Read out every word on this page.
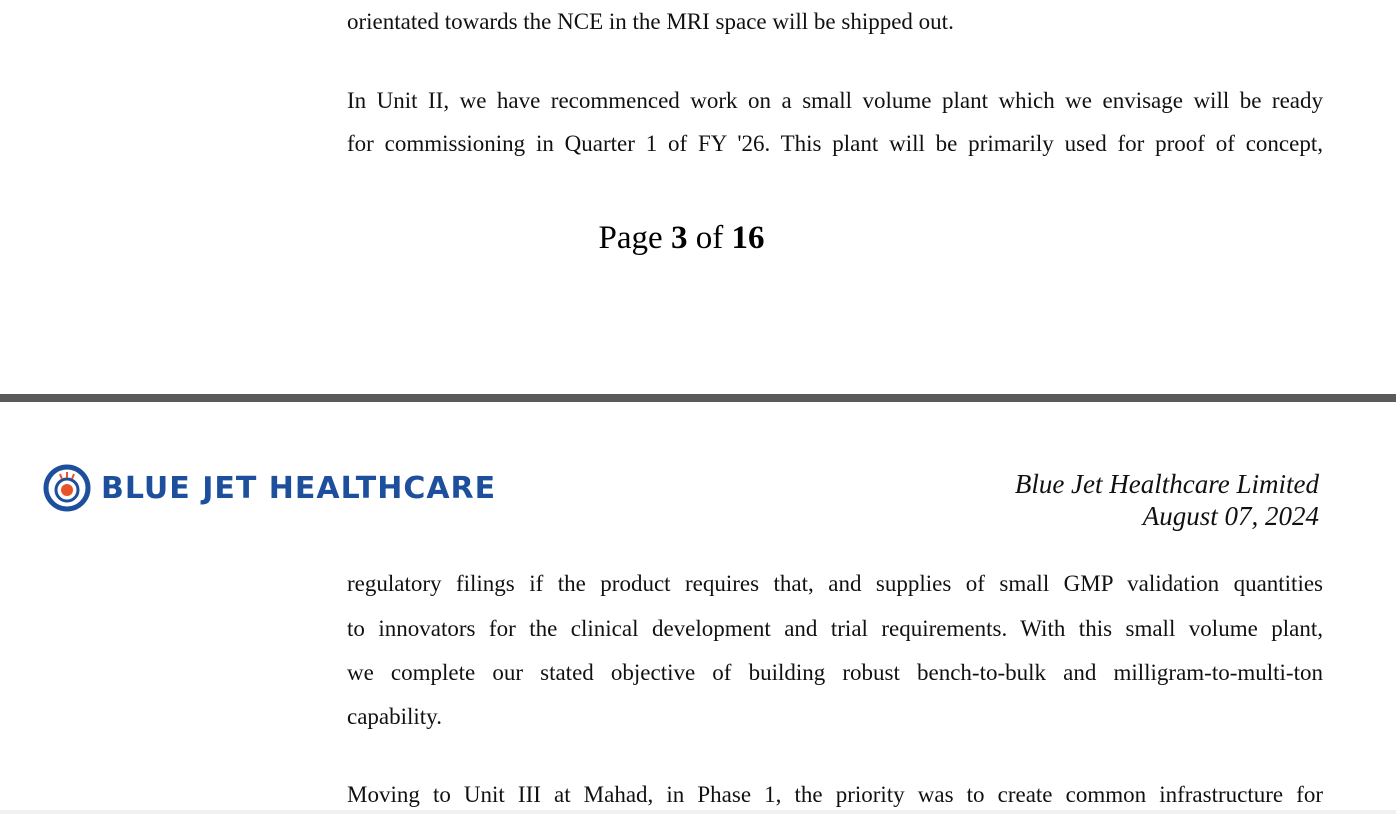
orientated towards the NCE in the MRI space will be shipped out.
In Unit II, we have recommenced work on a small volume plant which we envisage will be ready
for commissioning in Quarter 1 of FY '26. This plant will be primarily used for proof of concept,
Page 3 of 16
BLUE JET HEALTHCARE	Blue Jet Healthcare Limited
August 07, 2024
regulatory filings if the product requires that, and supplies of small GMP validation quantities
to innovators for the clinical development and trial requirements. With this small volume plant,
we complete our stated objective of building robust bench-to-bulk and milligram-to-multi-ton
capability.
Moving to Unit III at Mahad, in Phase 1, the priority was to create common infrastructure for
